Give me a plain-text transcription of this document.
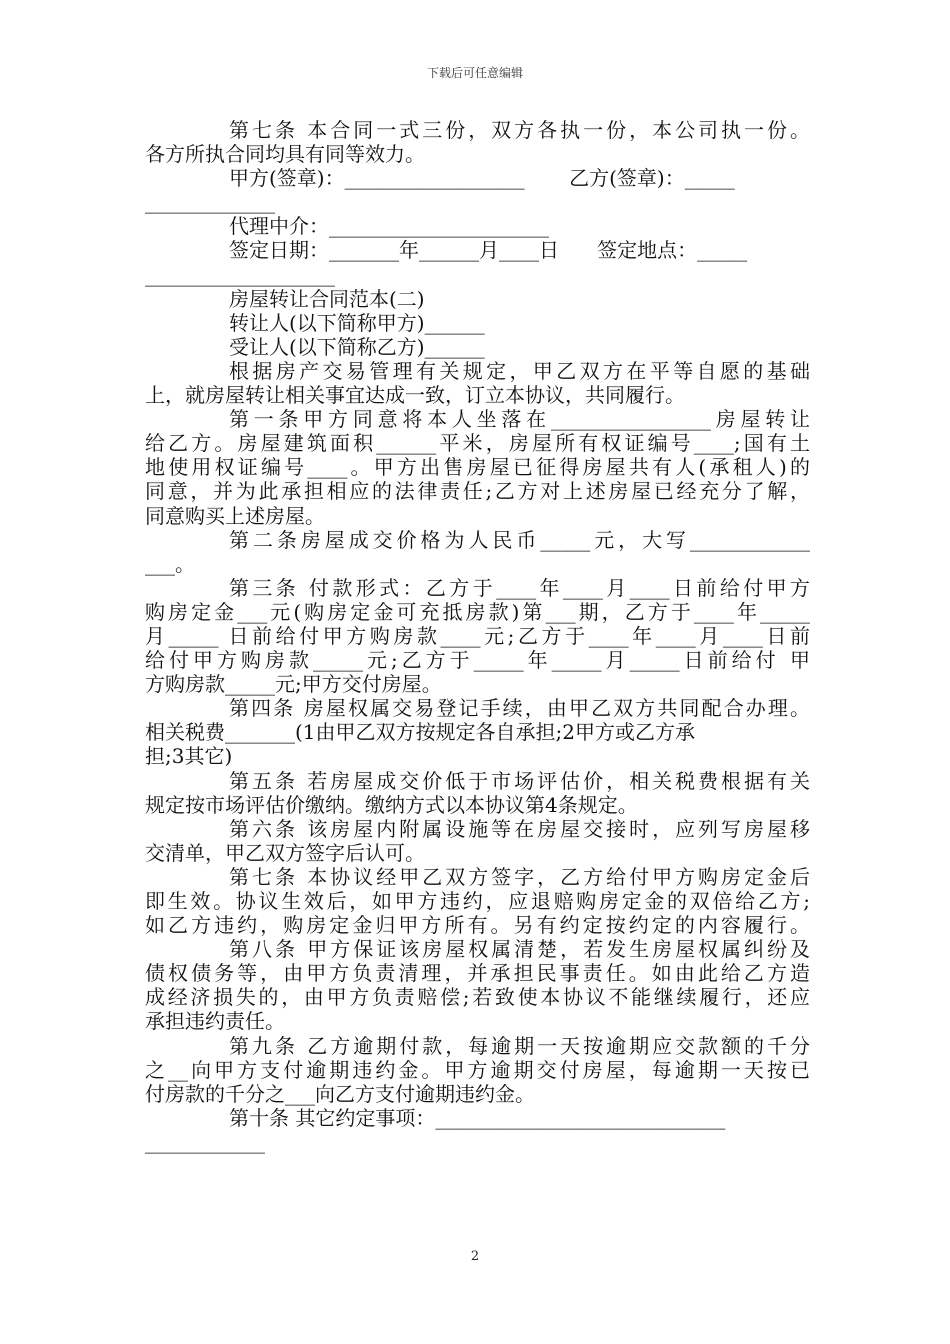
下载后可任意编辑
第七条 本合同一式三份，双方各执一份，本公司执一份。
各方所执合同均具有同等效力。
甲方(签章)：__________________       乙方(签章)：_____
_____________
代理中介：______________________
签定日期：_______年______月____日      签定地点：_____
___________________
房屋转让合同范本(二)
转让人(以下简称甲方)______
受让人(以下简称乙方)______
根据房产交易管理有关规定，甲乙双方在平等自愿的基础
上，就房屋转让相关事宜达成一致，订立本协议，共同履行。
第一条甲方同意将本人坐落在________________房屋转让
给乙方。房屋建筑面积______平米，房屋所有权证编号____;国有土
地使用权证编号____。甲方出售房屋已征得房屋共有人(承租人)的
同意，并为此承担相应的法律责任;乙方对上述房屋已经充分了解，
同意购买上述房屋。
第二条房屋成交价格为人民币_____元，大写____________
___。
第三条 付款形式：乙方于____年____月____日前给付甲方
购房定金___元(购房定金可充抵房款)第___期，乙方于____年_____
月_____ 日前给付甲方购房款____元;乙方于____年____月____日前
给付甲方购房款_____元;乙方于_____年_____月_____日前给付 甲
方购房款_____元;甲方交付房屋。
第四条 房屋权属交易登记手续，由甲乙双方共同配合办理。
相关税费_______(1由甲乙双方按规定各自承担;2甲方或乙方承
担;3其它)
第五条 若房屋成交价低于市场评估价，相关税费根据有关
规定按市场评估价缴纳。缴纳方式以本协议第4条规定。
第六条 该房屋内附属设施等在房屋交接时，应列写房屋移
交清单，甲乙双方签字后认可。
第七条 本协议经甲乙双方签字，乙方给付甲方购房定金后
即生效。协议生效后，如甲方违约，应退赔购房定金的双倍给乙方;
如乙方违约，购房定金归甲方所有。另有约定按约定的内容履行。
第八条 甲方保证该房屋权属清楚，若发生房屋权属纠纷及
债权债务等，由甲方负责清理，并承担民事责任。如由此给乙方造
成经济损失的，由甲方负责赔偿;若致使本协议不能继续履行，还应
承担违约责任。
第九条 乙方逾期付款，每逾期一天按逾期应交款额的千分
之__向甲方支付逾期违约金。甲方逾期交付房屋，每逾期一天按已
付房款的千分之___向乙方支付逾期违约金。
第十条 其它约定事项：_____________________________
____________
2
